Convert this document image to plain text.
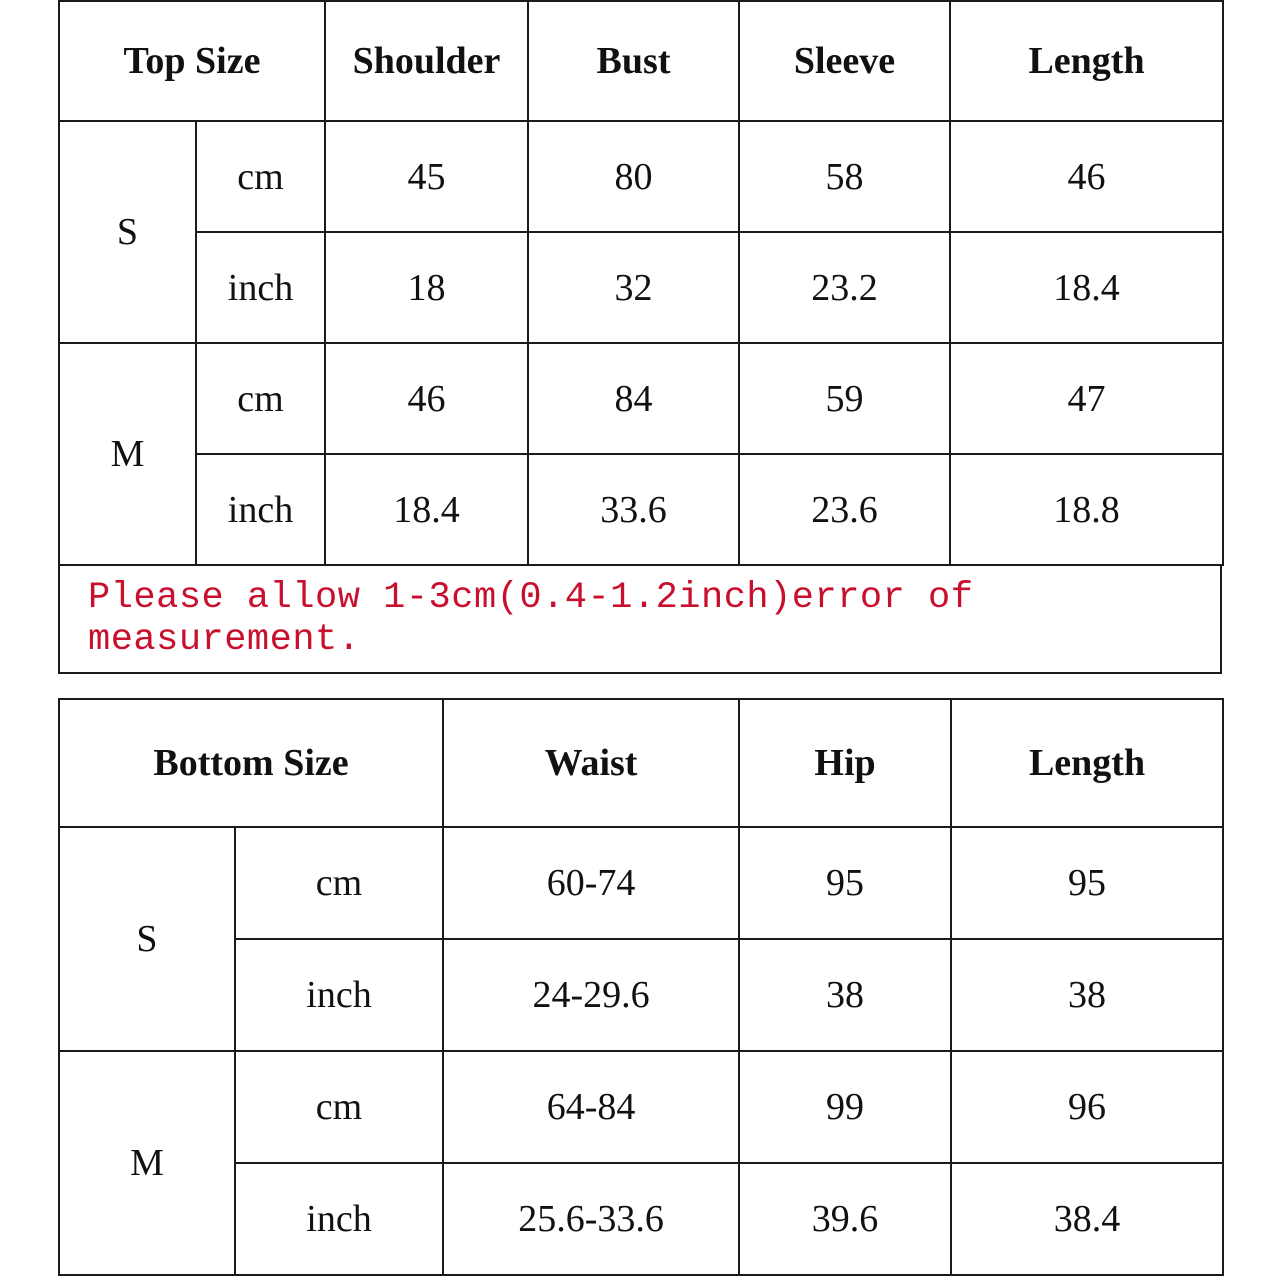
Top Size		Shoulder	Bust	Sleeve	Length
S	cm	45	80	58	46
	inch	18	32	23.2	18.4
M	cm	46	84	59	47
	inch	18.4	33.6	23.6	18.8
Please allow 1-3cm(0.4-1.2inch)error of measurement.
Bottom Size		Waist	Hip	Length
S	cm	60-74	95	95
	inch	24-29.6	38	38
M	cm	64-84	99	96
	inch	25.6-33.6	39.6	38.4
